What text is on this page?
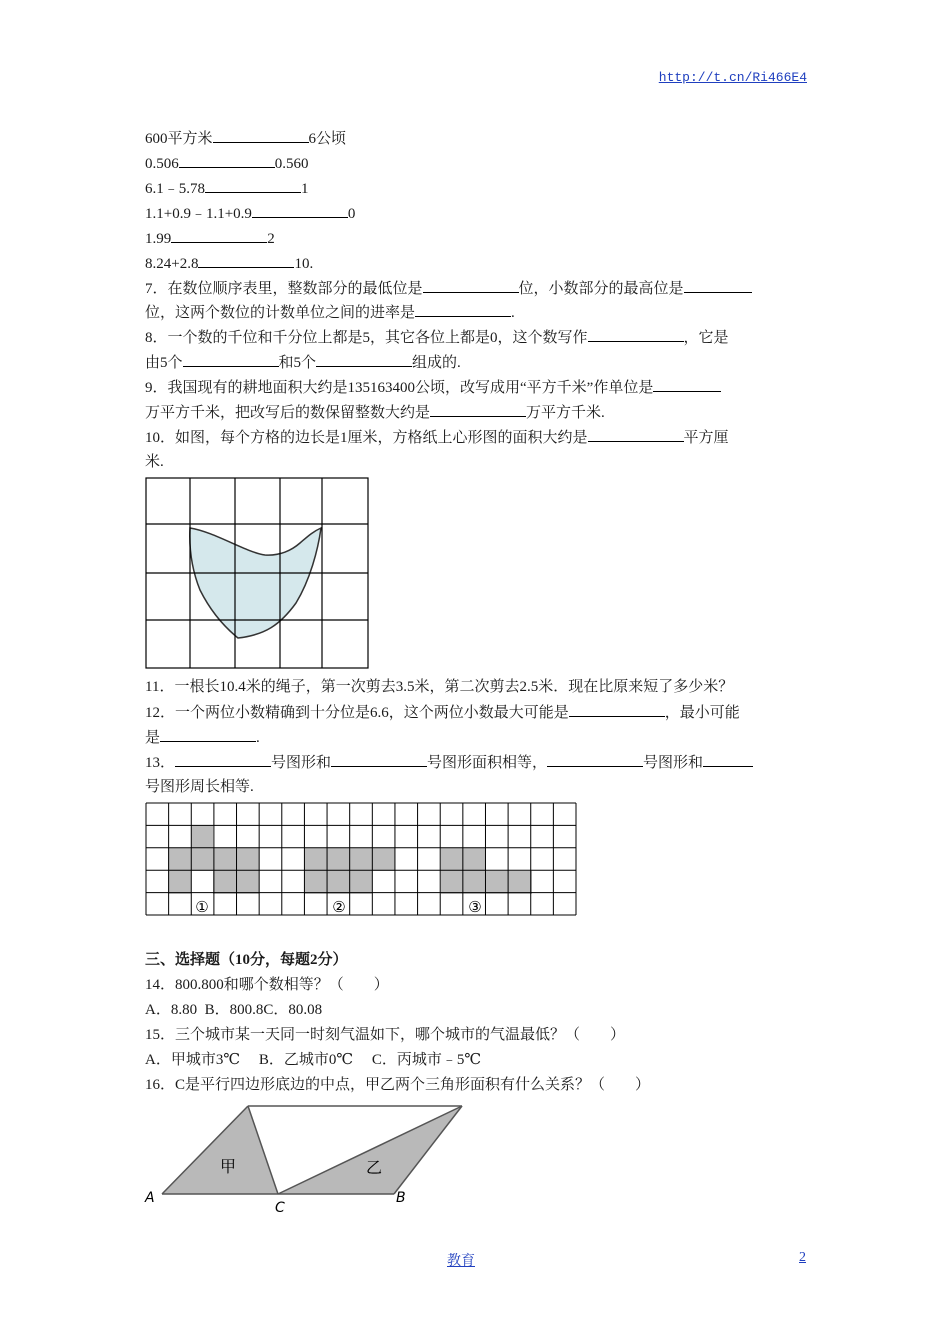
http://t.cn/Ri466E4
600平方米	6公顷
0.506	0.560
6.1﹣5.78	1
1.1+0.9﹣1.1+0.9	0
1.99	2
8.24+2.8	10.
7．在数位顺序表里，整数部分的最低位是	位，小数部分的最高位是
位，这两个数位的计数单位之间的进率是	.
8．一个数的千位和千分位上都是5，其它各位上都是0，这个数写作	，它是
由5个	和5个	组成的.
9．我国现有的耕地面积大约是135163400公顷，改写成用“平方千米”作单位是
万平方千米，把改写后的数保留整数大约是	万平方千米.
10．如图，每个方格的边长是1厘米，方格纸上心形图的面积大约是	平方厘
米.
11．一根长10.4米的绳子，第一次剪去3.5米，第二次剪去2.5米．现在比原来短了多少米？
12．一个两位小数精确到十分位是6.6，这个两位小数最大可能是	，最小可能
是	.
13．	号图形和	号图形面积相等，	号图形和
号图形周长相等.
①	②	③
三、选择题（10分，每题2分）
14．800.800和哪个数相等？（　　）
A．8.80  B．800.8C．80.08
15．三个城市某一天同一时刻气温如下，哪个城市的气温最低？（　　）
A．甲城市3℃　 B．乙城市0℃　 C．丙城市﹣5℃
16．C是平行四边形底边的中点，甲乙两个三角形面积有什么关系？（　　）
甲	乙
A
C
B
教育	2
